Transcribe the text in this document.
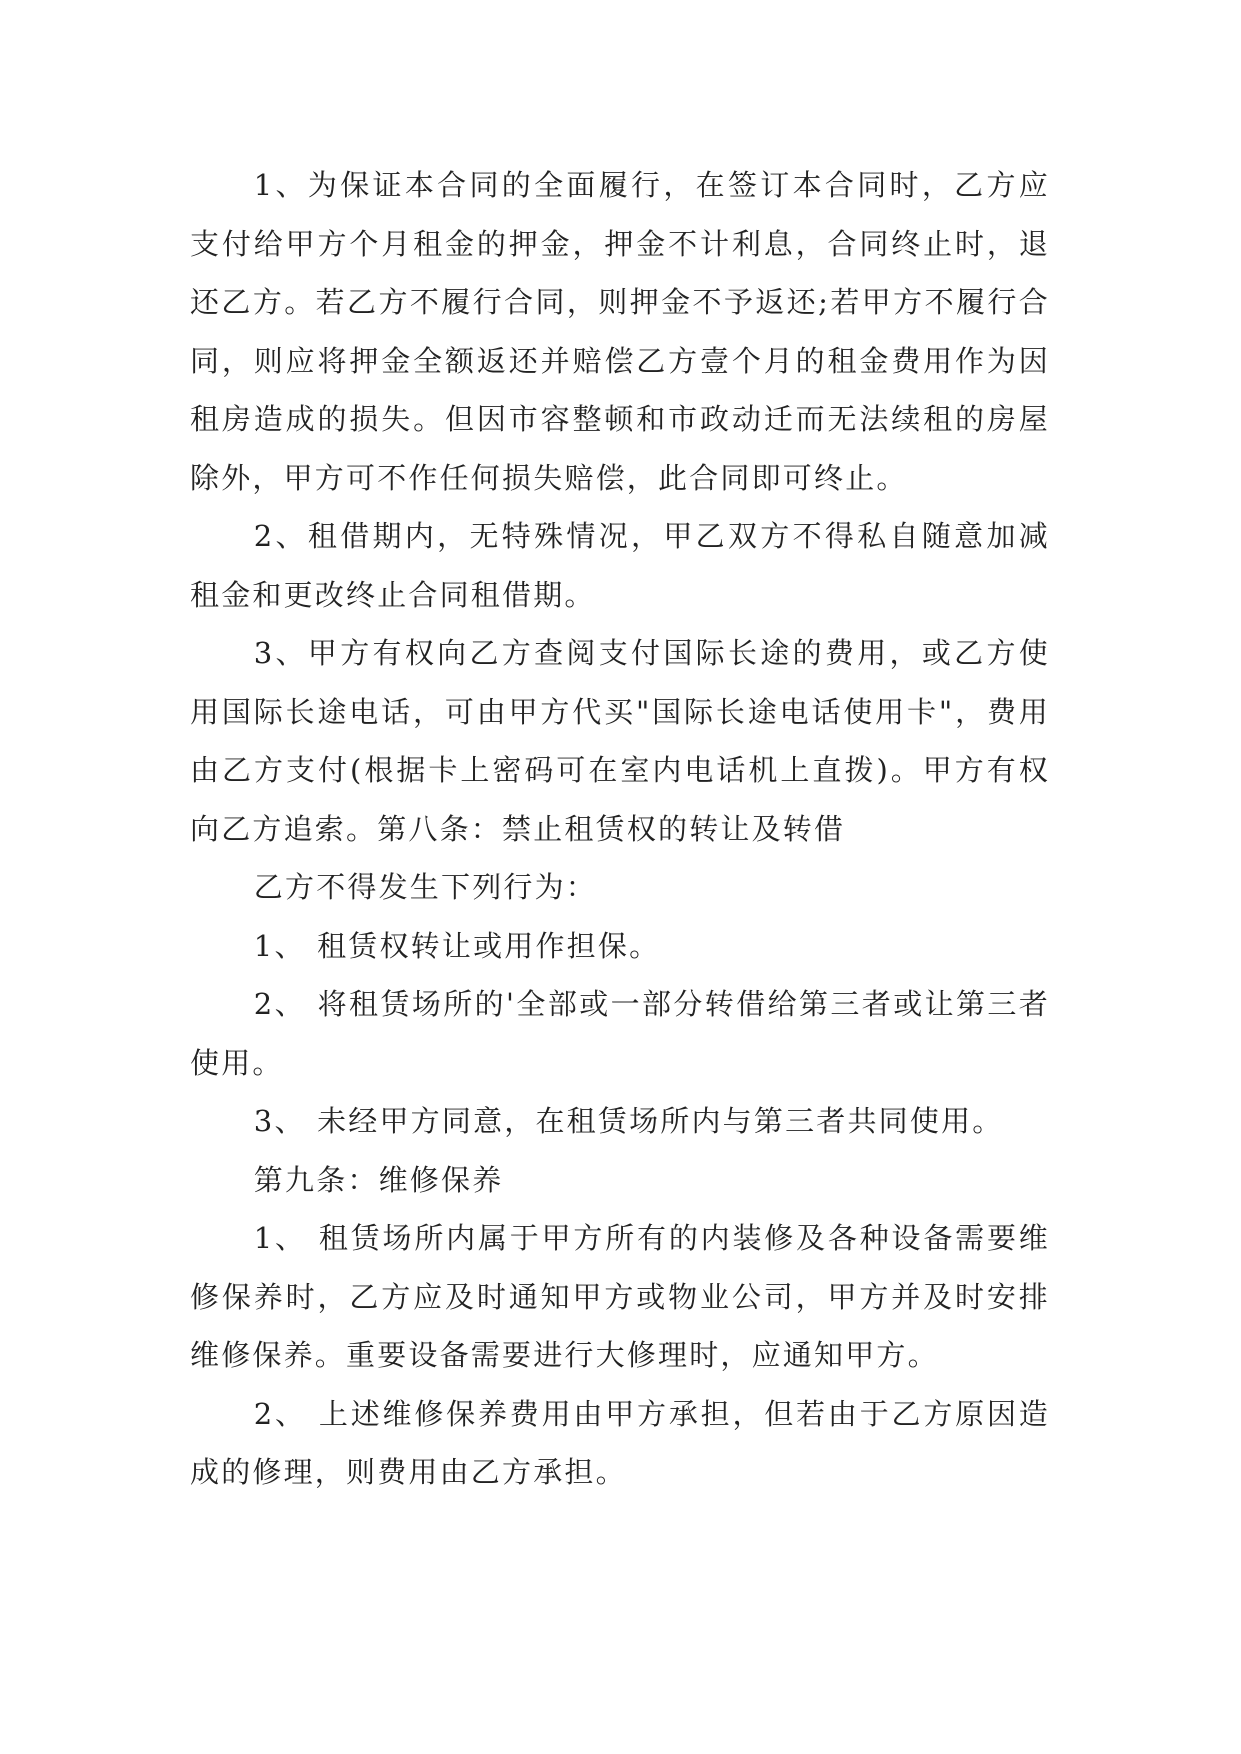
1、为保证本合同的全面履行，在签订本合同时，乙方应支付给甲方个月租金的押金，押金不计利息，合同终止时，退还乙方。若乙方不履行合同，则押金不予返还;若甲方不履行合同，则应将押金全额返还并赔偿乙方壹个月的租金费用作为因租房造成的损失。但因市容整顿和市政动迁而无法续租的房屋除外，甲方可不作任何损失赔偿，此合同即可终止。

2、租借期内，无特殊情况，甲乙双方不得私自随意加减租金和更改终止合同租借期。

3、甲方有权向乙方查阅支付国际长途的费用，或乙方使用国际长途电话，可由甲方代买"国际长途电话使用卡"，费用由乙方支付(根据卡上密码可在室内电话机上直拨)。甲方有权向乙方追索。第八条：禁止租赁权的转让及转借

乙方不得发生下列行为：

1、 租赁权转让或用作担保。

2、 将租赁场所的'全部或一部分转借给第三者或让第三者使用。

3、 未经甲方同意，在租赁场所内与第三者共同使用。

第九条：维修保养

1、 租赁场所内属于甲方所有的内装修及各种设备需要维修保养时，乙方应及时通知甲方或物业公司，甲方并及时安排维修保养。重要设备需要进行大修理时，应通知甲方。

2、 上述维修保养费用由甲方承担，但若由于乙方原因造成的修理，则费用由乙方承担。
